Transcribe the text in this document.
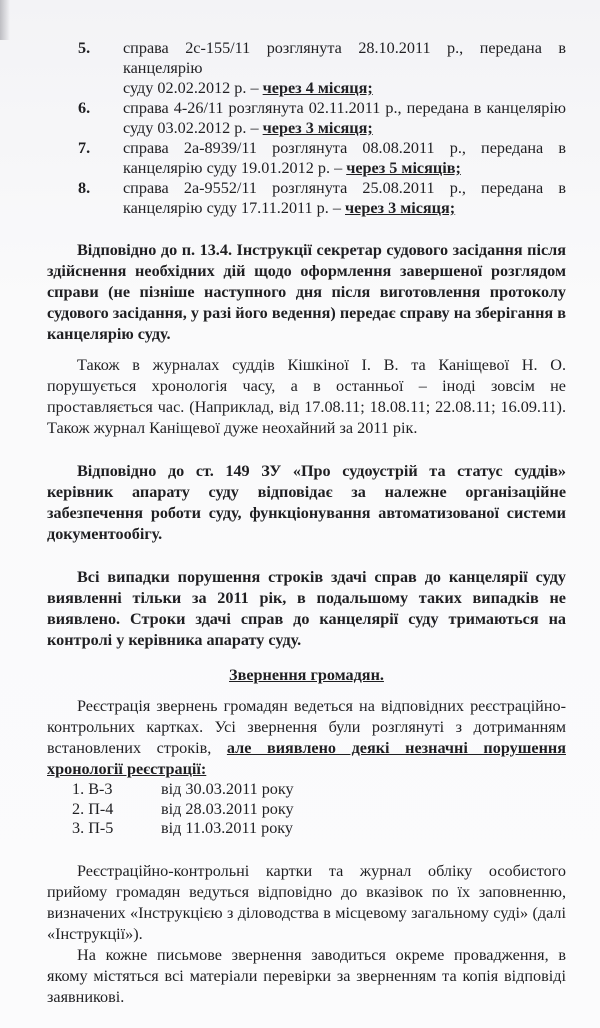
5. справа 2с-155/11 розглянута 28.10.2011 р., передана в канцелярію
суду 02.02.2012 р. – через 4 місяця;
6. справа 4-26/11 розглянута 02.11.2011 р., передана в канцелярію
суду 03.02.2012 р. – через 3 місяця;
7. справа 2а-8939/11 розглянута 08.08.2011 р., передана в
канцелярію суду 19.01.2012 р. – через 5 місяців;
8. справа 2а-9552/11 розглянута 25.08.2011 р., передана в
канцелярію суду 17.11.2011 р. – через 3 місяця;

Відповідно до п. 13.4. Інструкції секретар судового засідання після здійснення необхідних дій щодо оформлення завершеної розглядом справи (не пізніше наступного дня після виготовлення протоколу судового засідання, у разі його ведення) передає справу на зберігання в канцелярію суду.

Також в журналах суддів Кішкіної І. В. та Каніщевої Н. О. порушується хронологія часу, а в останньої – іноді зовсім не проставляється час. (Наприклад, від 17.08.11; 18.08.11; 22.08.11; 16.09.11). Також журнал Каніщевої дуже неохайний за 2011 рік.

Відповідно до ст. 149 ЗУ «Про судоустрій та статус суддів» керівник апарату суду відповідає за належне організаційне забезпечення роботи суду, функціонування автоматизованої системи документообігу.

Всі випадки порушення строків здачі справ до канцелярії суду виявленні тільки за 2011 рік, в подальшому таких випадків не виявлено. Строки здачі справ до канцелярії суду тримаються на контролі у керівника апарату суду.

Звернення громадян.

Реєстрація звернень громадян ведеться на відповідних реєстраційно-контрольних картках. Усі звернення були розглянуті з дотриманням встановлених строків, але виявлено деякі незначні порушення хронології реєстрації:

1. В-3	від 30.03.2011 року
2. П-4	від 28.03.2011 року
3. П-5	від 11.03.2011 року

Реєстраційно-контрольні картки та журнал обліку особистого прийому громадян ведуться відповідно до вказівок по їх заповненню, визначених «Інструкцією з діловодства в місцевому загальному суді» (далі «Інструкції»).

На кожне письмове звернення заводиться окреме провадження, в якому містяться всі матеріали перевірки за зверненням та копія відповіді заявникові.
